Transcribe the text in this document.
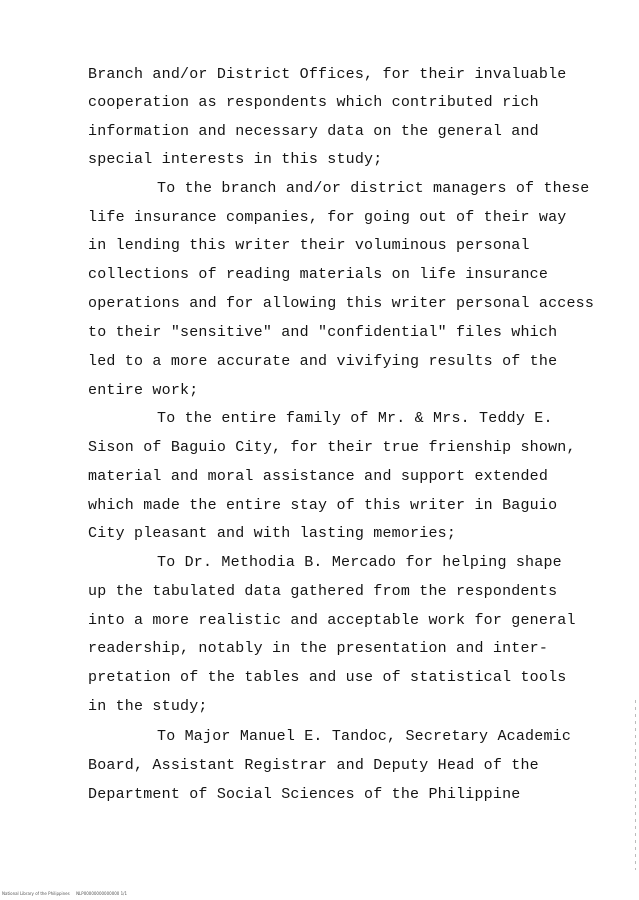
Branch and/or District Offices, for their invaluable
cooperation as respondents which contributed rich
information and necessary data on the general and
special interests in this study;
To the branch and/or district managers of these
life insurance companies, for going out of their way
in lending this writer their voluminous personal
collections of reading materials on life insurance
operations and for allowing this writer personal access
to their "sensitive" and "confidential" files which
led to a more accurate and vivifying results of the
entire work;
To the entire family of Mr. & Mrs. Teddy E.
Sison of Baguio City, for their true frienship shown,
material and moral assistance and support extended
which made the entire stay of this writer in Baguio
City pleasant and with lasting memories;
To Dr. Methodia B. Mercado for helping shape
up the tabulated data gathered from the respondents
into a more realistic and acceptable work for general
readership, notably in the presentation and inter-
pretation of the tables and use of statistical tools
in the study;
To Major Manuel E. Tandoc, Secretary Academic
Board, Assistant Registrar and Deputy Head of the
Department of Social Sciences of the Philippine
National Library of the Philippines     NLP00000000000000 1/1
